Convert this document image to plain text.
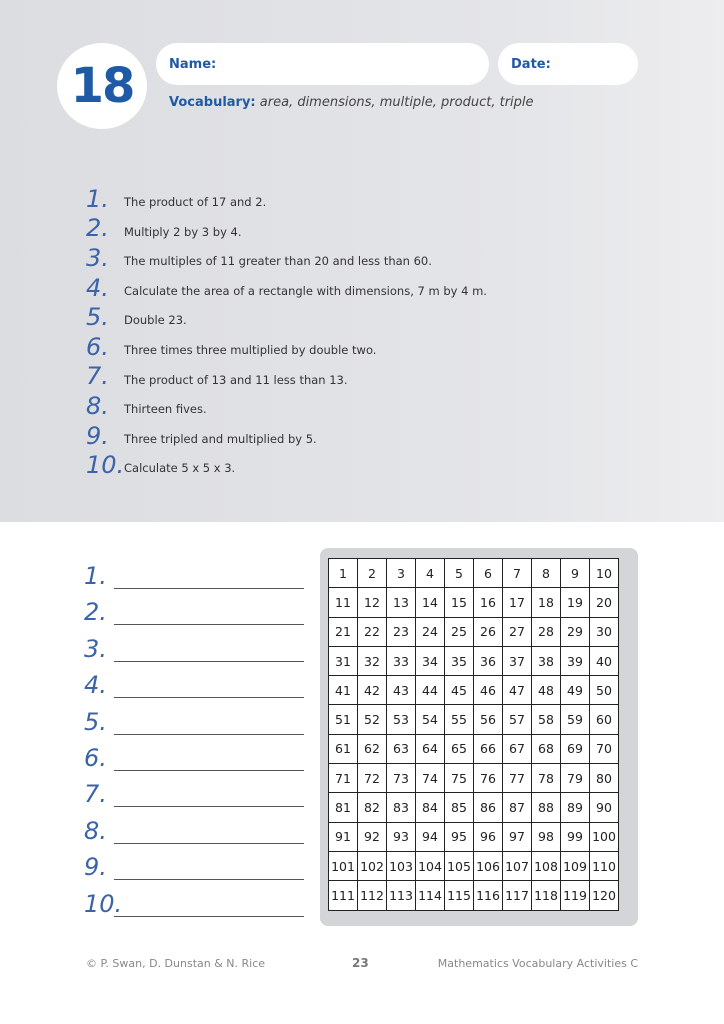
18	Name:	Date:
Vocabulary: area, dimensions, multiple, product, triple
1.	The product of 17 and 2.
2.	Multiply 2 by 3 by 4.
3.	The multiples of 11 greater than 20 and less than 60.
4.	Calculate the area of a rectangle with dimensions, 7 m by 4 m.
5.	Double 23.
6.	Three times three multiplied by double two.
7.	The product of 13 and 11 less than 13.
8.	Thirteen fives.
9.	Three tripled and multiplied by 5.
10. Calculate 5 x 5 x 3.
1.
2.
3.
4.
5.
6.
7.
8.
9.
10.
1	2	3	4	5	6	7	8	9	10
11	12	13	14	15	16	17	18	19	20
21	22	23	24	25	26	27	28	29	30
31	32	33	34	35	36	37	38	39	40
41	42	43	44	45	46	47	48	49	50
51	52	53	54	55	56	57	58	59	60
61	62	63	64	65	66	67	68	69	70
71	72	73	74	75	76	77	78	79	80
81	82	83	84	85	86	87	88	89	90
91	92	93	94	95	96	97	98	99	100
101	102	103	104	105	106	107	108	109	110
111	112	113	114	115	116	117	118	119	120
© P. Swan, D. Dunstan & N. Rice	23	Mathematics Vocabulary Activities C
